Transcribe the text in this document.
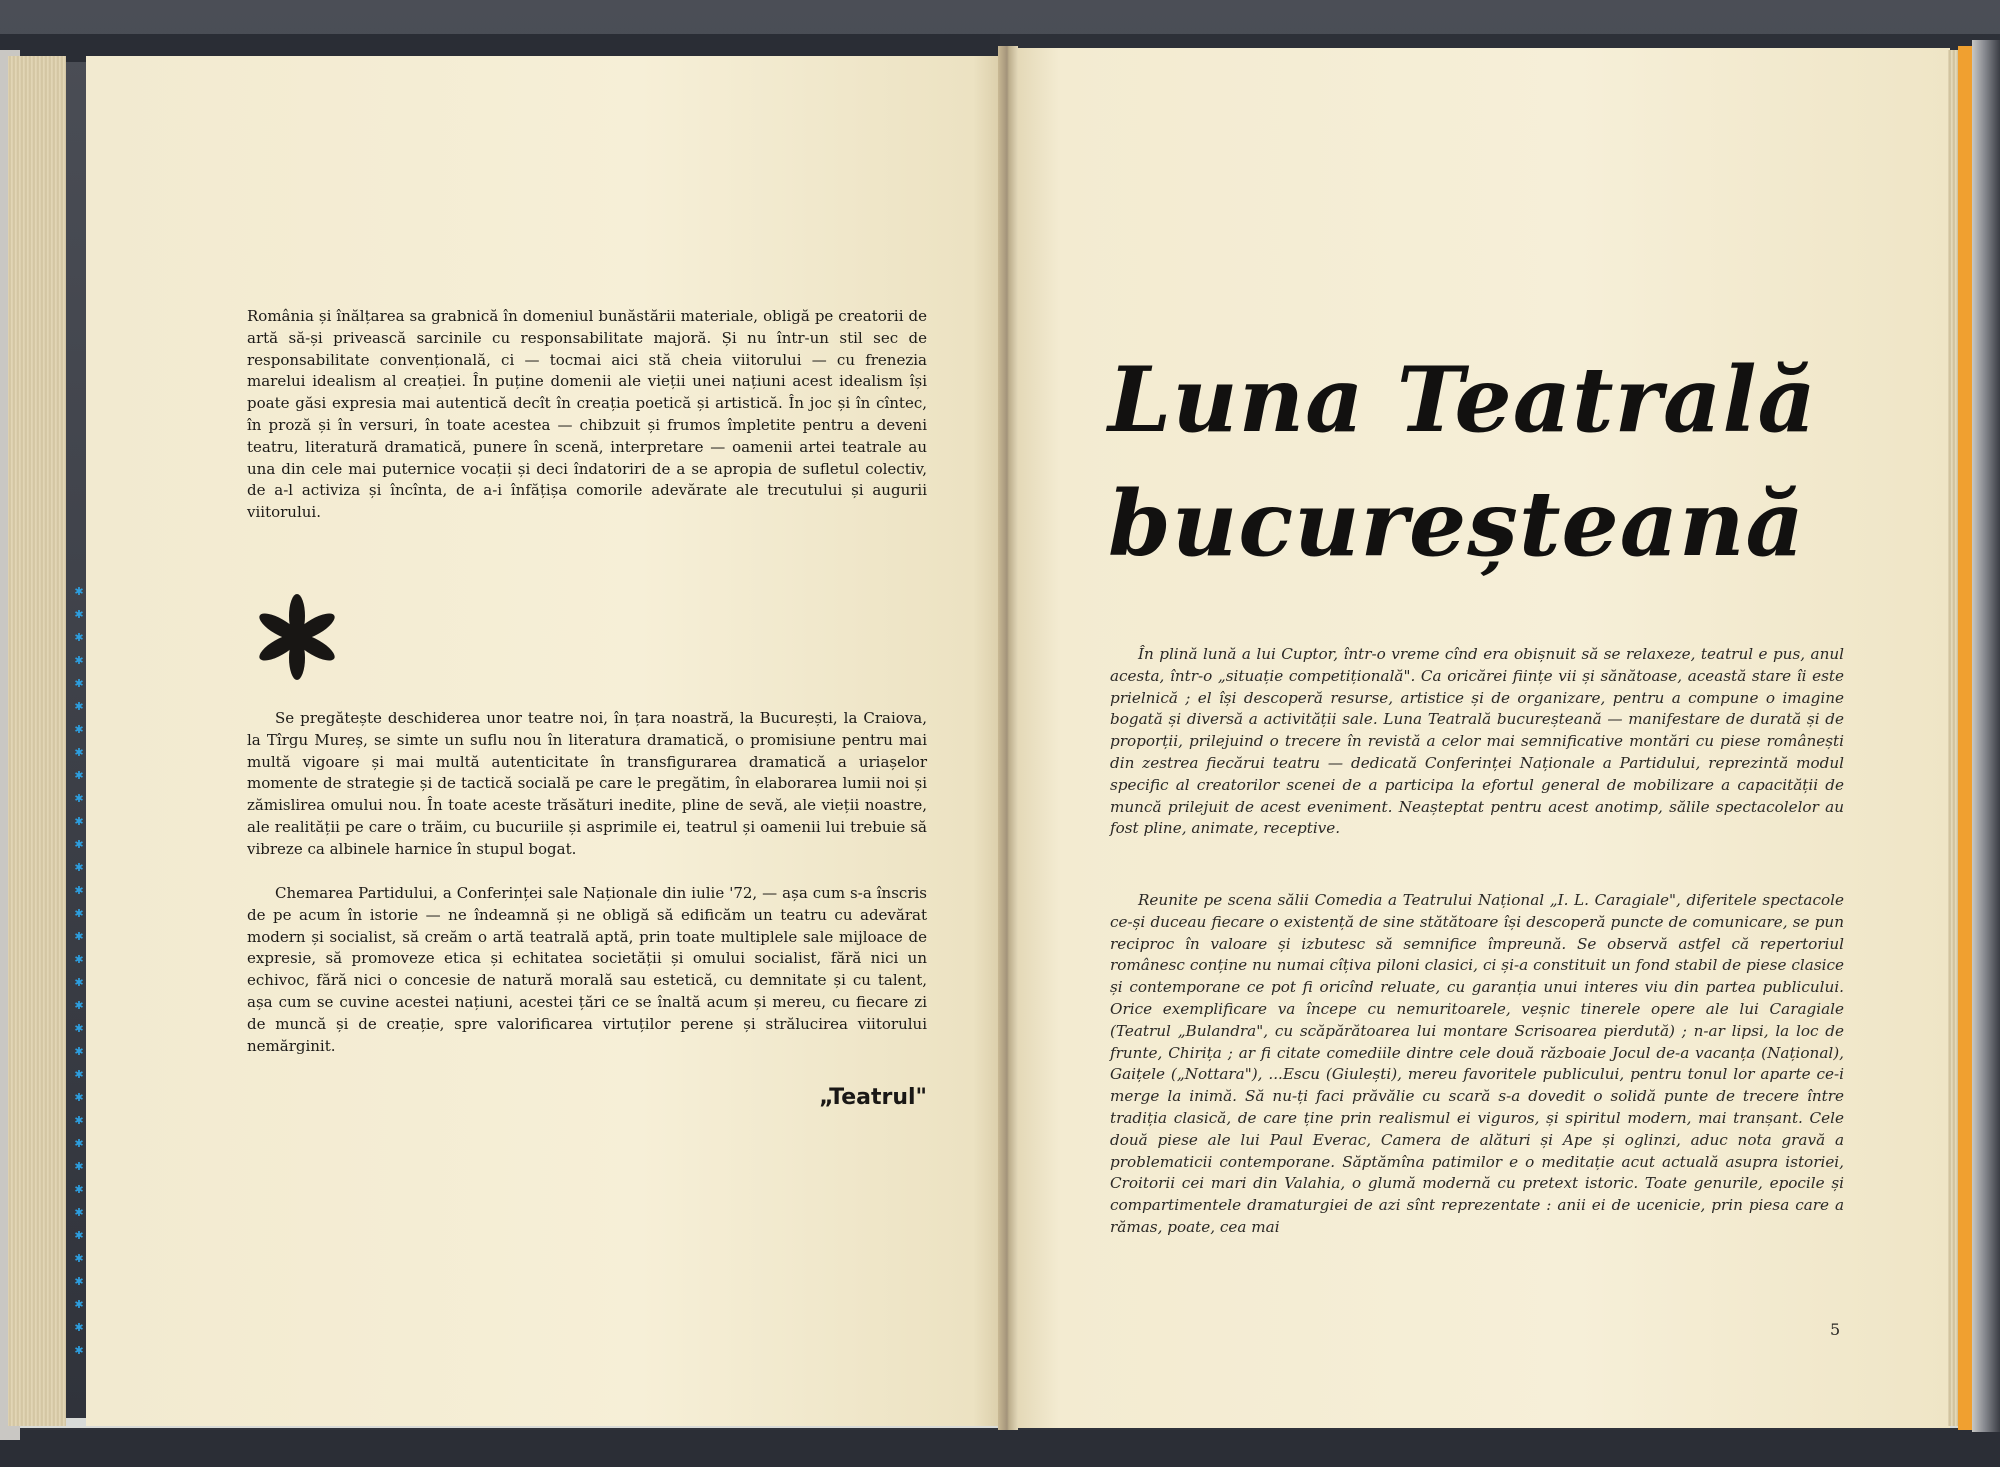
✱
✱
✱
✱
✱
✱
✱
✱
✱
✱
✱
✱
✱
✱
✱
✱
✱
✱
✱
✱
✱
✱
✱
✱
✱
✱
✱
✱
✱
✱
✱
✱
✱
✱

România și înălțarea sa grabnică în domeniul bunăstării materiale, obligă pe creatorii de artă să-și privească sarcinile cu responsabilitate majoră. Și nu într-un stil sec de responsabilitate convențională, ci — tocmai aici stă cheia viitorului — cu frenezia marelui idealism al creației. În puține domenii ale vieții unei națiuni acest idealism își poate găsi expresia mai autentică decît în creația poetică și artistică. În joc și în cîntec, în proză și în versuri, în toate acestea — chibzuit și frumos împletite pentru a deveni teatru, literatură dramatică, punere în scenă, interpretare — oamenii artei teatrale au una din cele mai puternice vocații și deci îndatoriri de a se apropia de sufletul colectiv, de a-l activiza și încînta, de a-i înfățișa comorile adevărate ale trecutului și augurii viitorului.

Se pregătește deschiderea unor teatre noi, în țara noastră, la București, la Craiova, la Tîrgu Mureș, se simte un suflu nou în literatura dramatică, o promisiune pentru mai multă vigoare și mai multă autenticitate în transfigurarea dramatică a uriașelor momente de strategie și de tactică socială pe care le pregătim, în elaborarea lumii noi și zămislirea omului nou. În toate aceste trăsături inedite, pline de sevă, ale vieții noastre, ale realității pe care o trăim, cu bucuriile și asprimile ei, teatrul și oamenii lui trebuie să vibreze ca albinele harnice în stupul bogat.

Chemarea Partidului, a Conferinței sale Naționale din iulie '72, — așa cum s-a înscris de pe acum în istorie — ne îndeamnă și ne obligă să edificăm un teatru cu adevărat modern și socialist, să creăm o artă teatrală aptă, prin toate multiplele sale mijloace de expresie, să promoveze etica și echitatea societății și omului socialist, fără nici un echivoc, fără nici o concesie de natură morală sau estetică, cu demnitate și cu talent, așa cum se cuvine acestei națiuni, acestei țări ce se înaltă acum și mereu, cu fiecare zi de muncă și de creație, spre valorificarea virtuților perene și strălucirea viitorului nemărginit.

„Teatrul"

Luna Teatrală
bucureșteană

În plină lună a lui Cuptor, într-o vreme cînd era obișnuit să se relaxeze, teatrul e pus, anul acesta, într-o „situație competițională". Ca oricărei ființe vii și sănătoase, această stare îi este prielnică ; el își descoperă resurse, artistice și de organizare, pentru a compune o imagine bogată și diversă a activității sale. Luna Teatrală bucureșteană — manifestare de durată și de proporții, prilejuind o trecere în revistă a celor mai semnificative montări cu piese românești din zestrea fiecărui teatru — dedicată Conferinței Naționale a Partidului, reprezintă modul specific al creatorilor scenei de a participa la efortul general de mobilizare a capacității de muncă prilejuit de acest eveniment. Neașteptat pentru acest anotimp, sălile spectacolelor au fost pline, animate, receptive.

Reunite pe scena sălii Comedia a Teatrului Național „I. L. Caragiale", diferitele spectacole ce-și duceau fiecare o existență de sine stătătoare își descoperă puncte de comunicare, se pun reciproc în valoare și izbutesc să semnifice împreună. Se observă astfel că repertoriul românesc conține nu numai cîțiva piloni clasici, ci și-a constituit un fond stabil de piese clasice și contemporane ce pot fi oricînd reluate, cu garanția unui interes viu din partea publicului. Orice exemplificare va începe cu nemuritoarele, veșnic tinerele opere ale lui Caragiale (Teatrul „Bulandra", cu scăpărătoarea lui montare Scrisoarea pierdută) ; n-ar lipsi, la loc de frunte, Chirița ; ar fi citate comediile dintre cele două războaie Jocul de-a vacanța (Național), Gaițele („Nottara"), ...Escu (Giulești), mereu favoritele publicului, pentru tonul lor aparte ce-i merge la inimă. Să nu-ți faci prăvălie cu scară s-a dovedit o solidă punte de trecere între tradiția clasică, de care ține prin realismul ei viguros, și spiritul modern, mai tranșant. Cele două piese ale lui Paul Everac, Camera de alături și Ape și oglinzi, aduc nota gravă a problematicii contemporane. Săptămîna patimilor e o meditație acut actuală asupra istoriei, Croitorii cei mari din Valahia, o glumă modernă cu pretext istoric. Toate genurile, epocile și compartimentele dramaturgiei de azi sînt reprezentate : anii ei de ucenicie, prin piesa care a rămas, poate, cea mai

5
